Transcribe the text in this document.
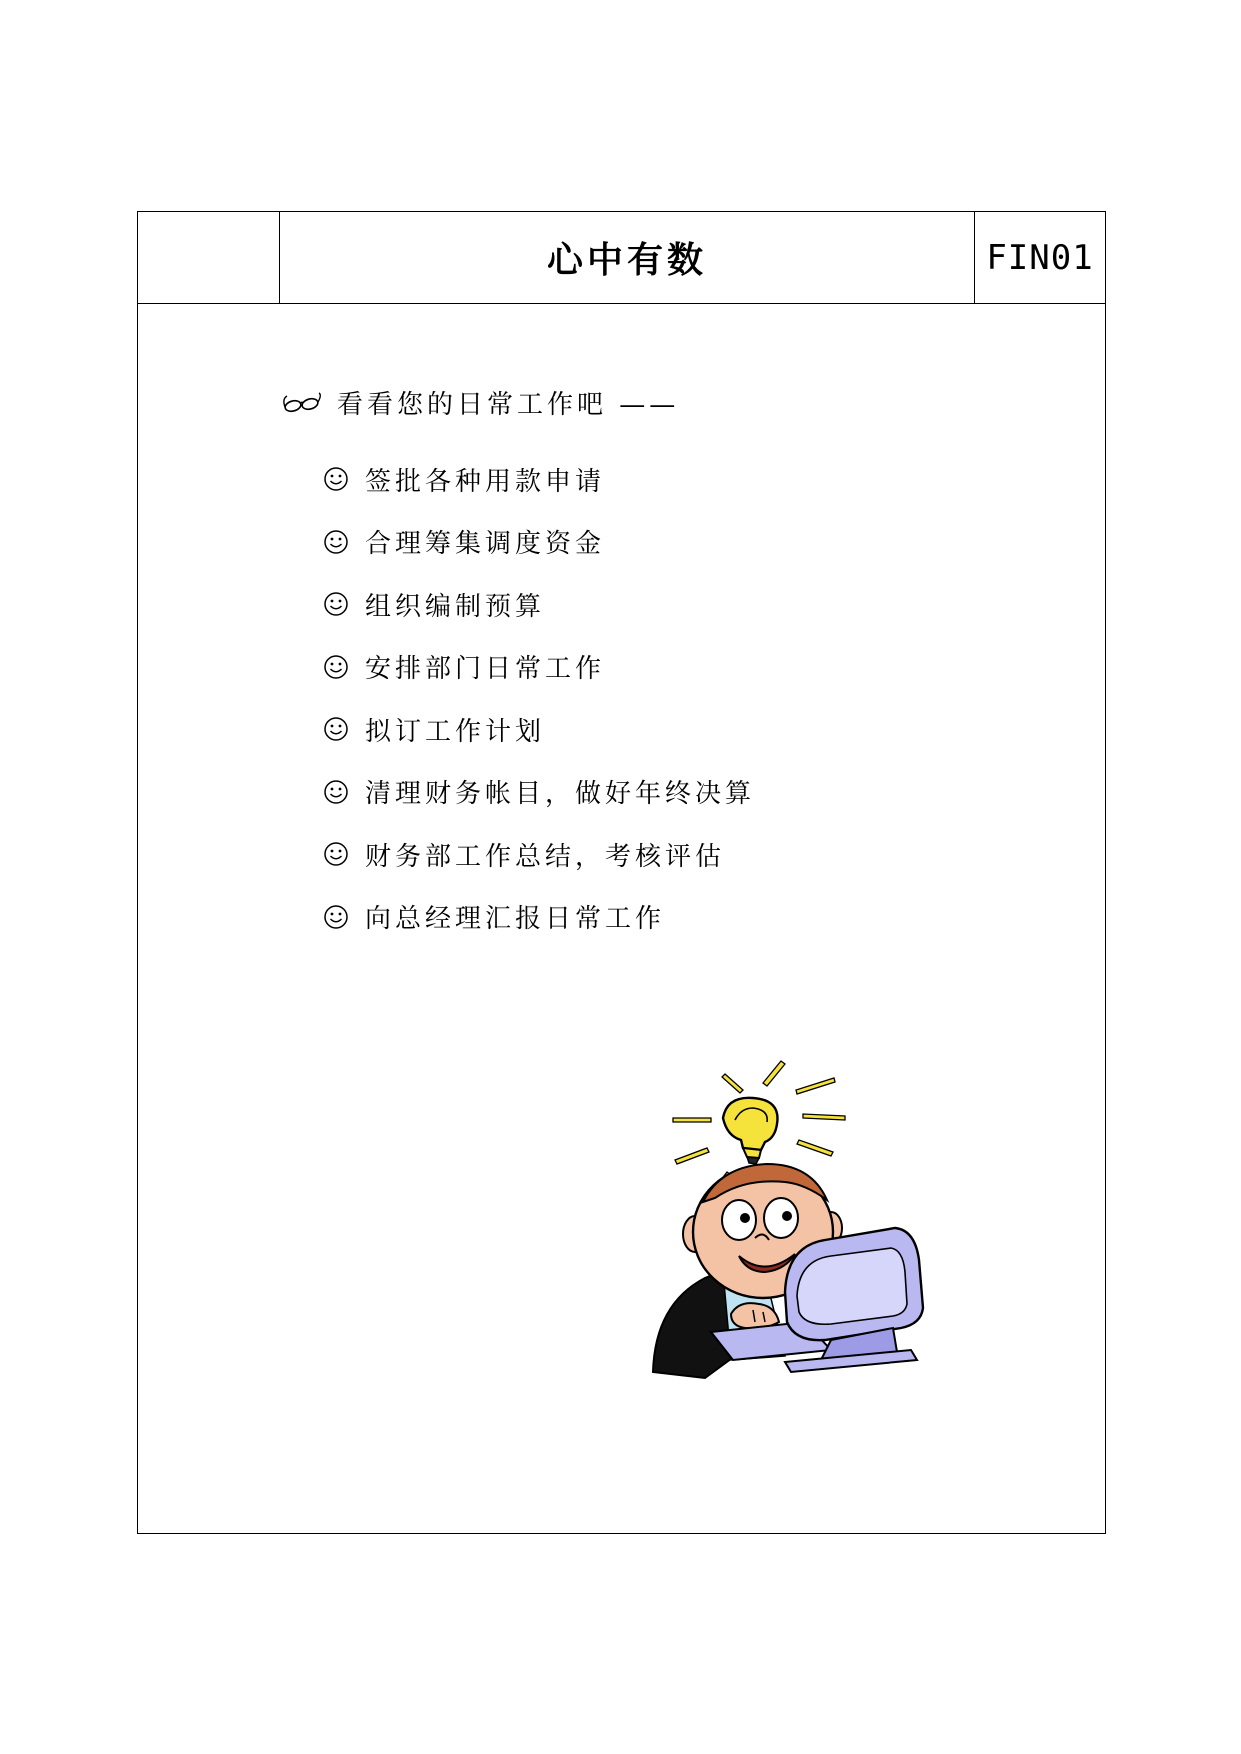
心中有数	FIN01
看看您的日常工作吧 ——
签批各种用款申请
合理筹集调度资金
组织编制预算
安排部门日常工作
拟订工作计划
清理财务帐目，做好年终决算
财务部工作总结，考核评估
向总经理汇报日常工作
